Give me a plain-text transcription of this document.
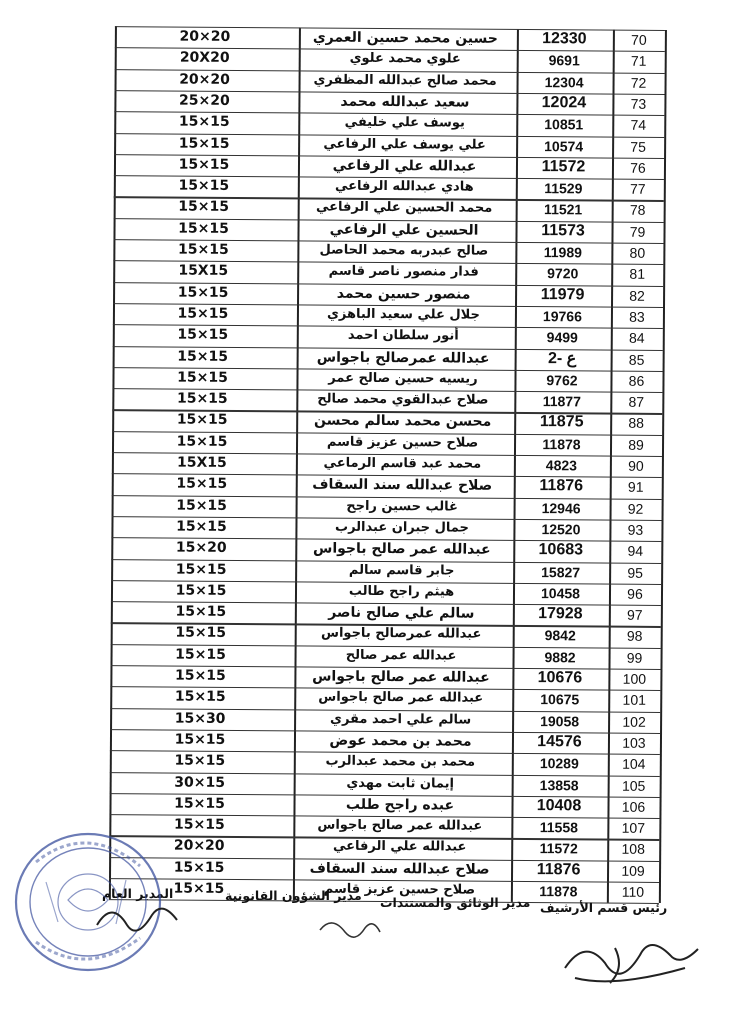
20×20	حسين محمد حسين العمري	12330	70
20X20	علوي محمد علوي	9691	71
20×20	محمد صالح عبدالله المظفري	12304	72
25×20	سعيد عبدالله محمد	12024	73
15×15	يوسف علي خليفي	10851	74
15×15	علي يوسف علي الرفاعي	10574	75
15×15	عبدالله علي الرفاعي	11572	76
15×15	هادي عبدالله الرفاعي	11529	77
15×15	محمد الحسين علي الرفاعي	11521	78
15×15	الحسين علي الرفاعي	11573	79
15×15	صالح عبدربه محمد الحاصل	11989	80
15X15	فدار منصور ناصر قاسم	9720	81
15×15	منصور حسين محمد	11979	82
15×15	جلال علي سعيد الباهزي	19766	83
15×15	أنور سلطان احمد	9499	84
15×15	عبدالله عمرصالح باجواس	ع -2	85
15×15	ريسيه حسين صالح عمر	9762	86
15×15	صلاح عبدالقوي محمد صالح	11877	87
15×15	محسن محمد سالم محسن	11875	88
15×15	صلاح حسين عزيز قاسم	11878	89
15X15	محمد عبد قاسم الرماعي	4823	90
15×15	صلاح عبدالله سند السقاف	11876	91
15×15	غالب حسين راجح	12946	92
15×15	جمال جبران عبدالرب	12520	93
15×20	عبدالله عمر صالح باجواس	10683	94
15×15	جابر قاسم سالم	15827	95
15×15	هيثم راجح طالب	10458	96
15×15	سالم علي صالح ناصر	17928	97
15×15	عبدالله عمرصالح باجواس	9842	98
15×15	عبدالله عمر صالح	9882	99
15×15	عبدالله عمر صالح باجواس	10676	100
15×15	عبدالله عمر صالح باجواس	10675	101
15×30	سالم علي احمد مقري	19058	102
15×15	محمد بن محمد عوض	14576	103
15×15	محمد بن محمد عبدالرب	10289	104
30×15	إيمان ثابت مهدي	13858	105
15×15	عبده راجح طلب	10408	106
15×15	عبدالله عمر صالح باجواس	11558	107
20×20	عبدالله علي الرفاعي	11572	108
15×15	صلاح عبدالله سند السقاف	11876	109
15×15	صلاح حسين عزيز قاسم	11878	110
رئيس قسم الأرشيف
مدير الوثائق والمستندات
مدير الشؤون القانونية
المدير العام
